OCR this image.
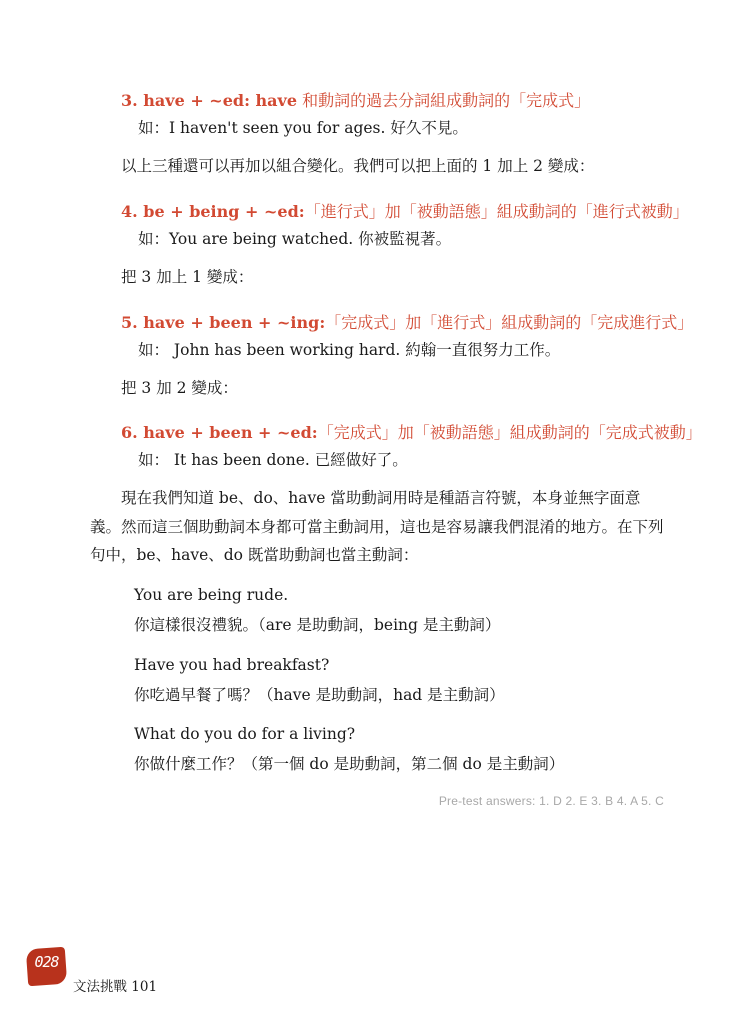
3. have + ~ed: have 和動詞的過去分詞組成動詞的「完成式」
如：I haven't seen you for ages. 好久不見。
以上三種還可以再加以組合變化。我們可以把上面的 1 加上 2 變成：
4. be + being + ~ed:「進行式」加「被動語態」組成動詞的「進行式被動」
如：You are being watched. 你被監視著。
把 3 加上 1 變成：
5. have + been + ~ing:「完成式」加「進行式」組成動詞的「完成進行式」
如： John has been working hard. 約翰一直很努力工作。
把 3 加 2 變成：
6. have + been + ~ed:「完成式」加「被動語態」組成動詞的「完成式被動」
如： It has been done. 已經做好了。
現在我們知道 be、do、have 當助動詞用時是種語言符號，本身並無字面意義。然而這三個助動詞本身都可當主動詞用，這也是容易讓我們混淆的地方。在下列句中，be、have、do 既當助動詞也當主動詞：
You are being rude.
你這樣很沒禮貌。（are 是助動詞，being 是主動詞）
Have you had breakfast?
你吃過早餐了嗎？（have 是助動詞，had 是主動詞）
What do you do for a living?
你做什麼工作？（第一個 do 是助動詞，第二個 do 是主動詞）
Pre-test answers: 1. D 2. E 3. B 4. A 5. C
028
文法挑戰 101
